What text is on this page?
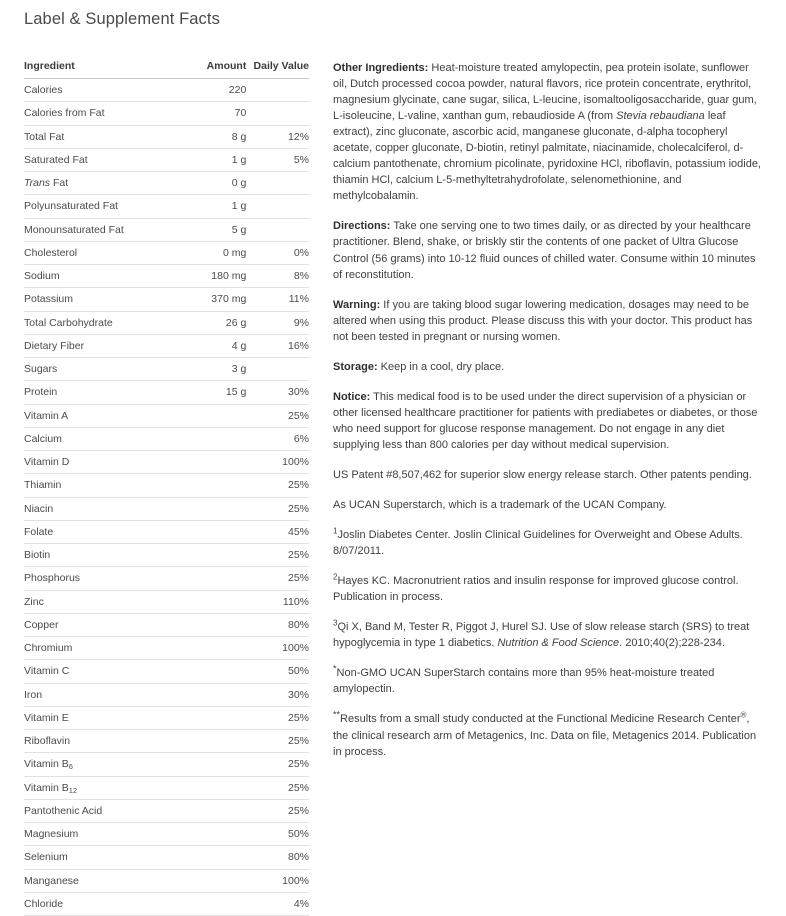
Label & Supplement Facts
Ingredient	Amount	Daily Value
Calories	220	
Calories from Fat	70	
Total Fat	8 g	12%
Saturated Fat	1 g	5%
Trans Fat	0 g	
Polyunsaturated Fat	1 g	
Monounsaturated Fat	5 g	
Cholesterol	0 mg	0%
Sodium	180 mg	8%
Potassium	370 mg	11%
Total Carbohydrate	26 g	9%
Dietary Fiber	4 g	16%
Sugars	3 g	
Protein	15 g	30%
Vitamin A		25%
Calcium		6%
Vitamin D		100%
Thiamin		25%
Niacin		25%
Folate		45%
Biotin		25%
Phosphorus		25%
Zinc		110%
Copper		80%
Chromium		100%
Vitamin C		50%
Iron		30%
Vitamin E		25%
Riboflavin		25%
Vitamin $B_6$		25%
Vitamin $B_{12}$		25%
Pantothenic Acid		25%
Magnesium		50%
Selenium		80%
Manganese		100%
Chloride		4%

Other Ingredients: Heat-moisture treated amylopectin, pea protein isolate, sunflower oil, Dutch processed cocoa powder, natural flavors, rice protein concentrate, erythritol, magnesium glycinate, cane sugar, silica, L-leucine, isomaltooligosaccharide, guar gum, L-isoleucine, L-valine, xanthan gum, rebaudioside A (from Stevia rebaudiana leaf extract), zinc gluconate, ascorbic acid, manganese gluconate, d-alpha tocopheryl acetate, copper gluconate, D-biotin, retinyl palmitate, niacinamide, cholecalciferol, d-calcium pantothenate, chromium picolinate, pyridoxine HCl, riboflavin, potassium iodide, thiamin HCl, calcium L-5-methyltetrahydrofolate, selenomethionine, and methylcobalamin.

Directions: Take one serving one to two times daily, or as directed by your healthcare practitioner. Blend, shake, or briskly stir the contents of one packet of Ultra Glucose Control (56 grams) into 10-12 fluid ounces of chilled water. Consume within 10 minutes of reconstitution.

Warning: If you are taking blood sugar lowering medication, dosages may need to be altered when using this product. Please discuss this with your doctor. This product has not been tested in pregnant or nursing women.

Storage: Keep in a cool, dry place.

Notice: This medical food is to be used under the direct supervision of a physician or other licensed healthcare practitioner for patients with prediabetes or diabetes, or those who need support for glucose response management. Do not engage in any diet supplying less than 800 calories per day without medical supervision.

US Patent #8,507,462 for superior slow energy release starch. Other patents pending.

As UCAN Superstarch, which is a trademark of the UCAN Company.

$^1$Joslin Diabetes Center. Joslin Clinical Guidelines for Overweight and Obese Adults. 8/07/2011.

$^2$Hayes KC. Macronutrient ratios and insulin response for improved glucose control. Publication in process.

$^3$Qi X, Band M, Tester R, Piggot J, Hurel SJ. Use of slow release starch (SRS) to treat hypoglycemia in type 1 diabetics. Nutrition & Food Science. 2010;40(2);228-234.

*Non-GMO UCAN SuperStarch contains more than 95% heat-moisture treated amylopectin.

**Results from a small study conducted at the Functional Medicine Research Center®, the clinical research arm of Metagenics, Inc. Data on file, Metagenics 2014. Publication in process.
